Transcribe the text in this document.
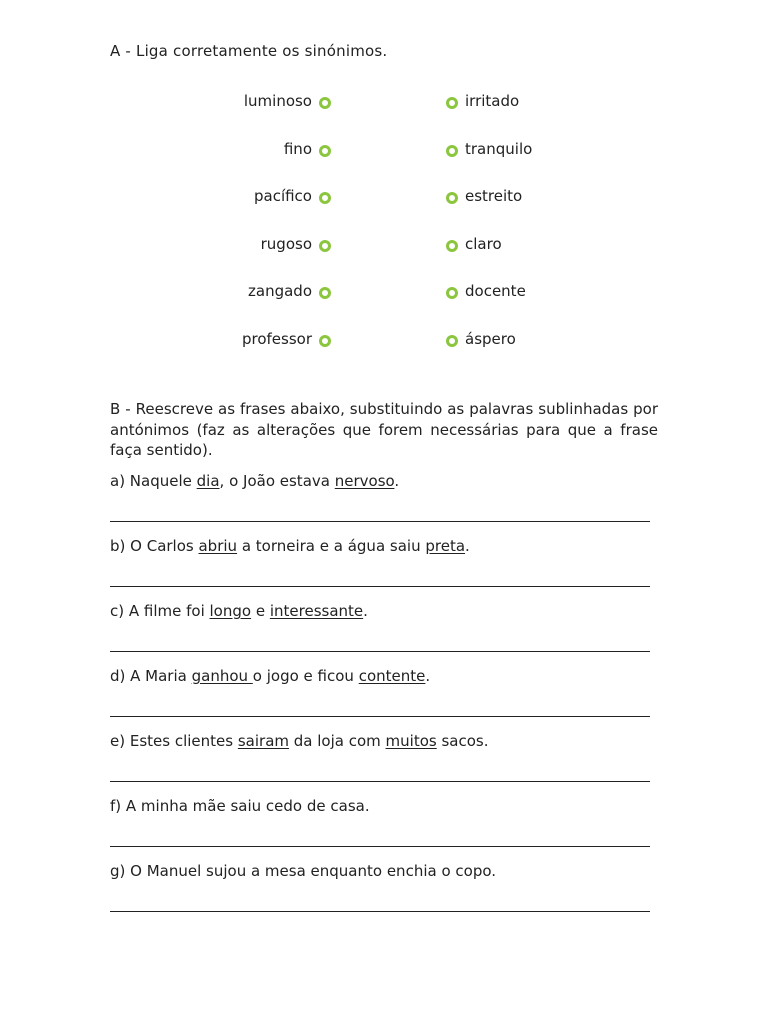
A - Liga corretamente os sinónimos.
luminoso	irritado
fino	tranquilo
pacífico	estreito
rugoso	claro
zangado	docente
professor	áspero
B - Reescreve as frases abaixo, substituindo as palavras sublinhadas por antónimos (faz as alterações que forem necessárias para que a frase faça sentido).
a) Naquele dia, o João estava nervoso.
b) O Carlos abriu a torneira e a água saiu preta.
c) A filme foi longo e interessante.
d) A Maria ganhou o jogo e ficou contente.
e) Estes clientes sairam da loja com muitos sacos.
f) A minha mãe saiu cedo de casa.
g) O Manuel sujou a mesa enquanto enchia o copo.
